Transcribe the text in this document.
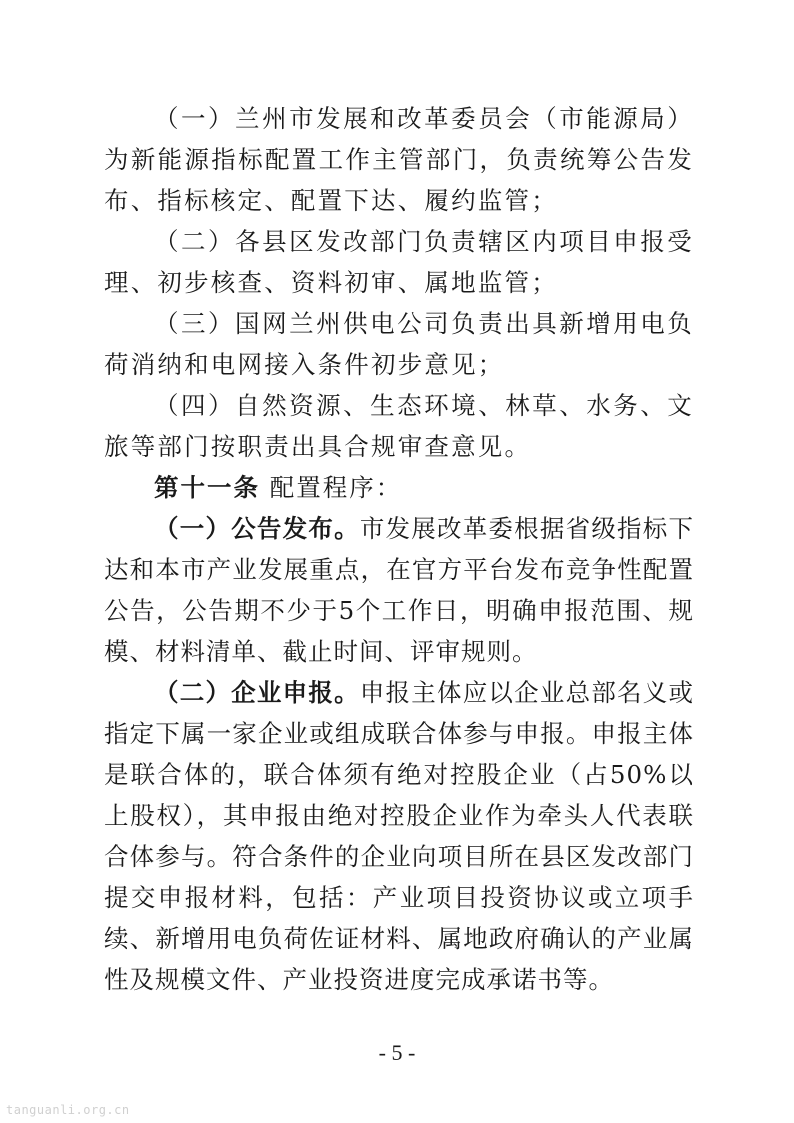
（一）兰州市发展和改革委员会（市能源局）为新能源指标配置工作主管部门，负责统筹公告发布、指标核定、配置下达、履约监管；

（二）各县区发改部门负责辖区内项目申报受理、初步核查、资料初审、属地监管；

（三）国网兰州供电公司负责出具新增用电负荷消纳和电网接入条件初步意见；

（四）自然资源、生态环境、林草、水务、文旅等部门按职责出具合规审查意见。

第十一条 配置程序：

（一）公告发布。市发展改革委根据省级指标下达和本市产业发展重点，在官方平台发布竞争性配置公告，公告期不少于5个工作日，明确申报范围、规模、材料清单、截止时间、评审规则。

（二）企业申报。申报主体应以企业总部名义或指定下属一家企业或组成联合体参与申报。申报主体是联合体的，联合体须有绝对控股企业（占50%以上股权），其申报由绝对控股企业作为牵头人代表联合体参与。符合条件的企业向项目所在县区发改部门提交申报材料，包括：产业项目投资协议或立项手续、新增用电负荷佐证材料、属地政府确认的产业属性及规模文件、产业投资进度完成承诺书等。

- 5 -
tanguanli.org.cn
